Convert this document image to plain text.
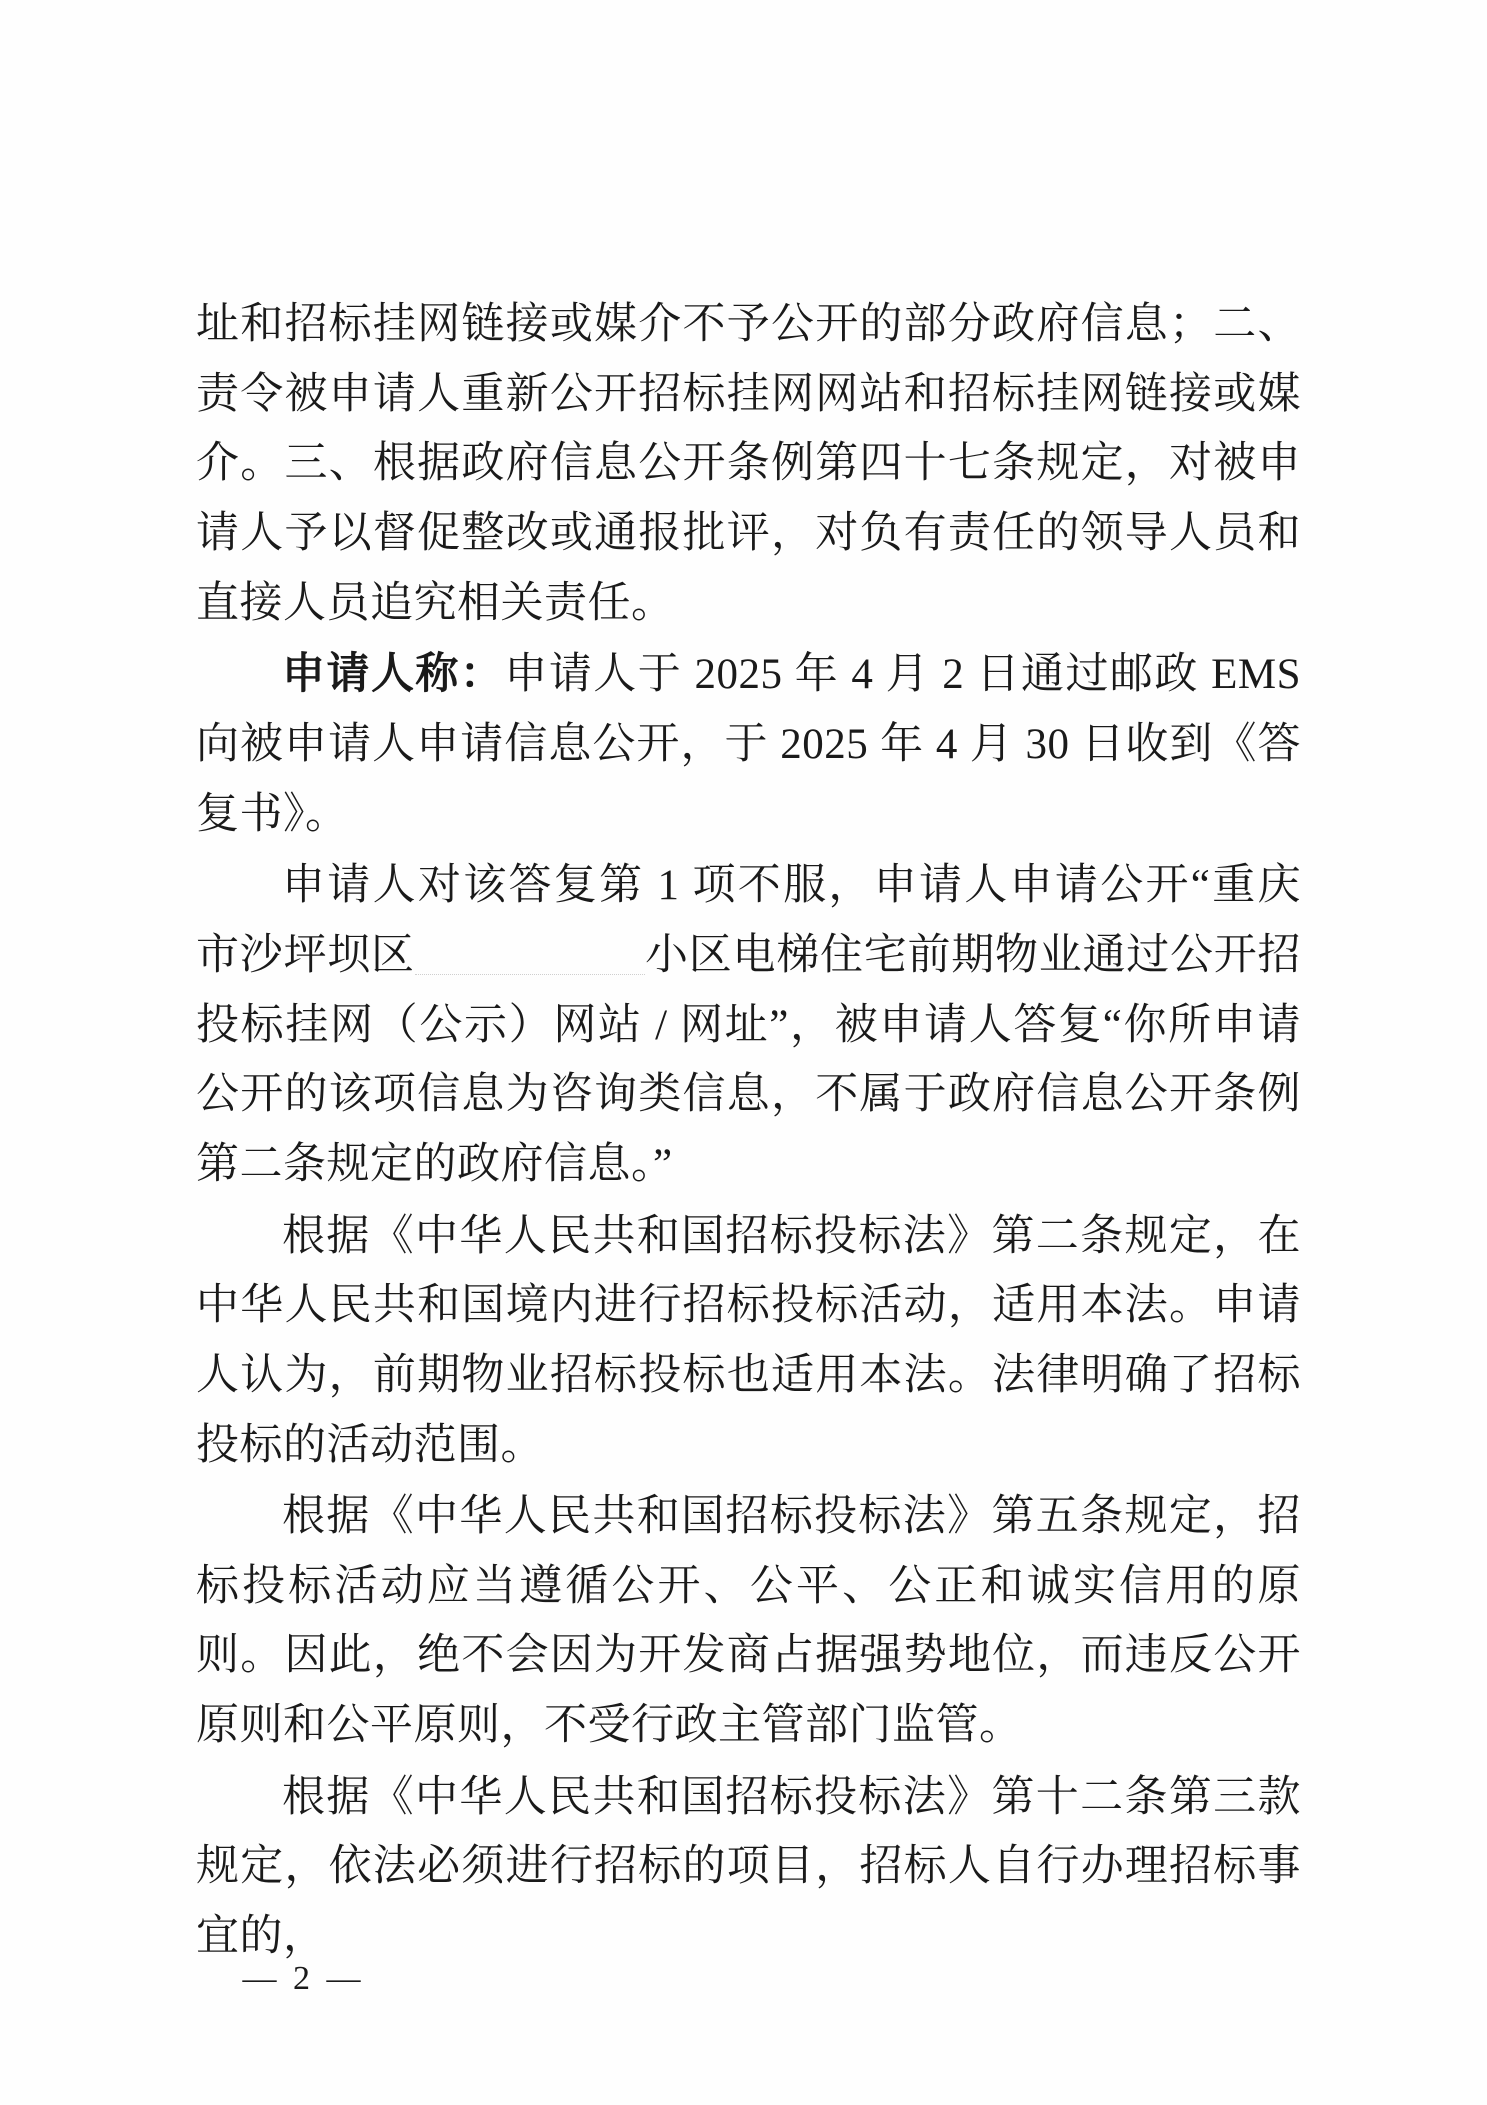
址和招标挂网链接或媒介不予公开的部分政府信息；二、责令被申请人重新公开招标挂网网站和招标挂网链接或媒介。三、根据政府信息公开条例第四十七条规定，对被申请人予以督促整改或通报批评，对负有责任的领导人员和直接人员追究相关责任。

申请人称：申请人于 2025 年 4 月 2 日通过邮政 EMS 向被申请人申请信息公开，于 2025 年 4 月 30 日收到《答复书》。

申请人对该答复第 1 项不服，申请人申请公开“重庆市沙坪坝区	小区电梯住宅前期物业通过公开招投标挂网（公示）网站 / 网址”，被申请人答复“你所申请公开的该项信息为咨询类信息，不属于政府信息公开条例第二条规定的政府信息。”

根据《中华人民共和国招标投标法》第二条规定，在中华人民共和国境内进行招标投标活动，适用本法。申请人认为，前期物业招标投标也适用本法。法律明确了招标投标的活动范围。

根据《中华人民共和国招标投标法》第五条规定，招标投标活动应当遵循公开、公平、公正和诚实信用的原则。因此，绝不会因为开发商占据强势地位，而违反公开原则和公平原则，不受行政主管部门监管。

根据《中华人民共和国招标投标法》第十二条第三款规定，依法必须进行招标的项目，招标人自行办理招标事宜的，

— 2 —
